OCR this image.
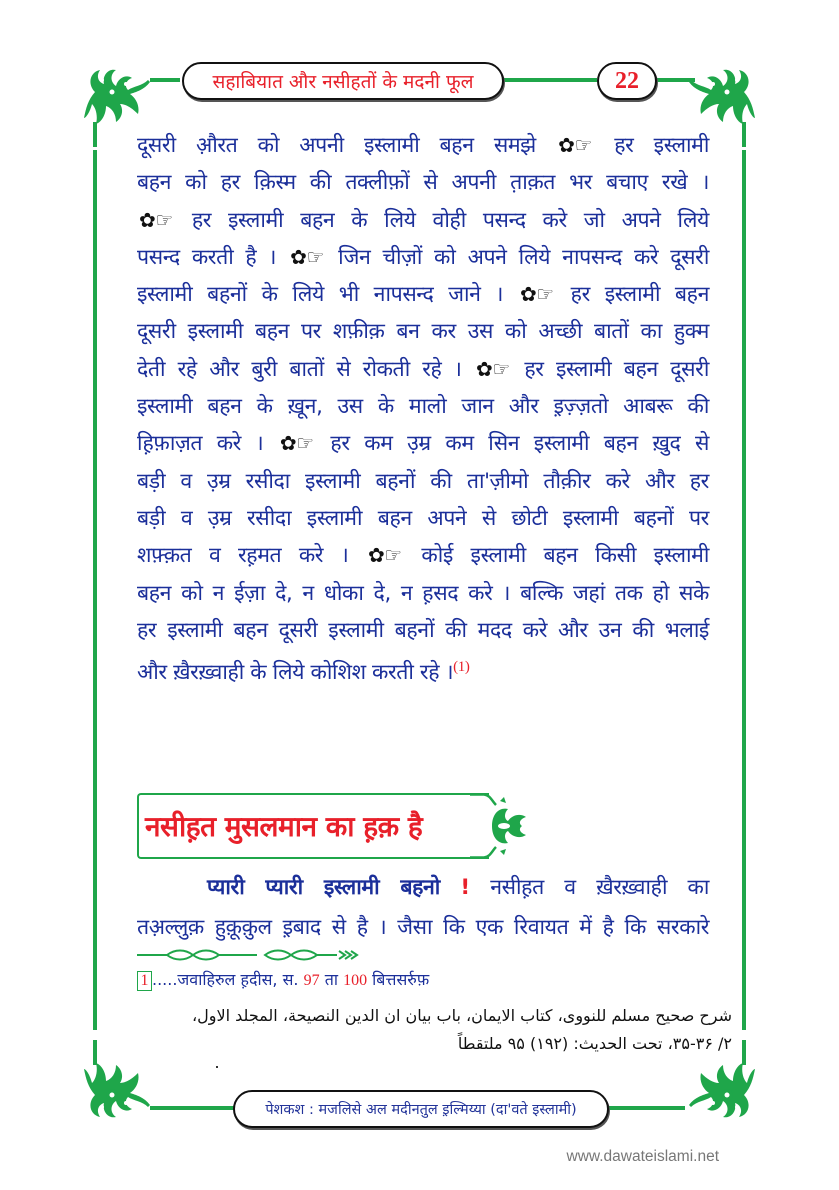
सहाबियात और नसीहतों के मदनी फूल	22
दूसरी औ़रत को अपनी इस्लामी बहन समझे ✿☞ हर इस्लामी
बहन को हर क़िस्म की तक्लीफ़ों से अपनी त़ाक़त भर बचाए रखे ।
✿☞ हर इस्लामी बहन के लिये वोही पसन्द करे जो अपने लिये
पसन्द करती है । ✿☞ जिन चीज़ों को अपने लिये नापसन्द करे दूसरी
इस्लामी बहनों के लिये भी नापसन्द जाने । ✿☞ हर इस्लामी बहन
दूसरी इस्लामी बहन पर शफ़ीक़ बन कर उस को अच्छी बातों का हुक्म
देती रहे और बुरी बातों से रोकती रहे । ✿☞ हर इस्लामी बहन दूसरी
इस्लामी बहन के ख़ून, उस के मालो जान और इ़ज़्ज़तो आबरू की
ह़िफ़ाज़त करे । ✿☞ हर कम उ़म्र कम सिन इस्लामी बहन ख़ुद से
बड़ी व उ़म्र रसीदा इस्लामी बहनों की ता'ज़ीमो तौक़ीर करे और हर
बड़ी व उ़म्र रसीदा इस्लामी बहन अपने से छोटी इस्लामी बहनों पर
शफ़्क़त व रह़मत करे । ✿☞ कोई इस्लामी बहन किसी इस्लामी
बहन को न ईज़ा दे, न धोका दे, न ह़सद करे । बल्कि जहां तक हो सके
हर इस्लामी बहन दूसरी इस्लामी बहनों की मदद करे और उन की भलाई
और ख़ैरख़्वाही के लिये कोशिश करती रहे ।$^{(1)}$
नसीह़त मुसलमान का ह़क़ है
प्यारी प्यारी इस्लामी बहनो ! नसीह़त व ख़ैरख़्वाही का
तअ़ल्लुक़ हुक़ूक़ुल इ़बाद से है । जैसा कि एक रिवायत में है कि सरकारे
1 .....जवाहिरुल ह़दीस, स. 97 ता 100 बित्तसर्रुफ़
شرح صحیح مسلم للنووی، کتاب الایمان، باب بیان ان الدین النصیحة، المجلد الاول،
۲/ ۳۵-۳۶، تحت الحدیث: (۱۹۲) ۹۵ ملتقطاً
पेशकश : मजलिसे अल मदीनतुल इ़ल्मिय्या (दा'वते इस्लामी)
www.dawateislami.net
